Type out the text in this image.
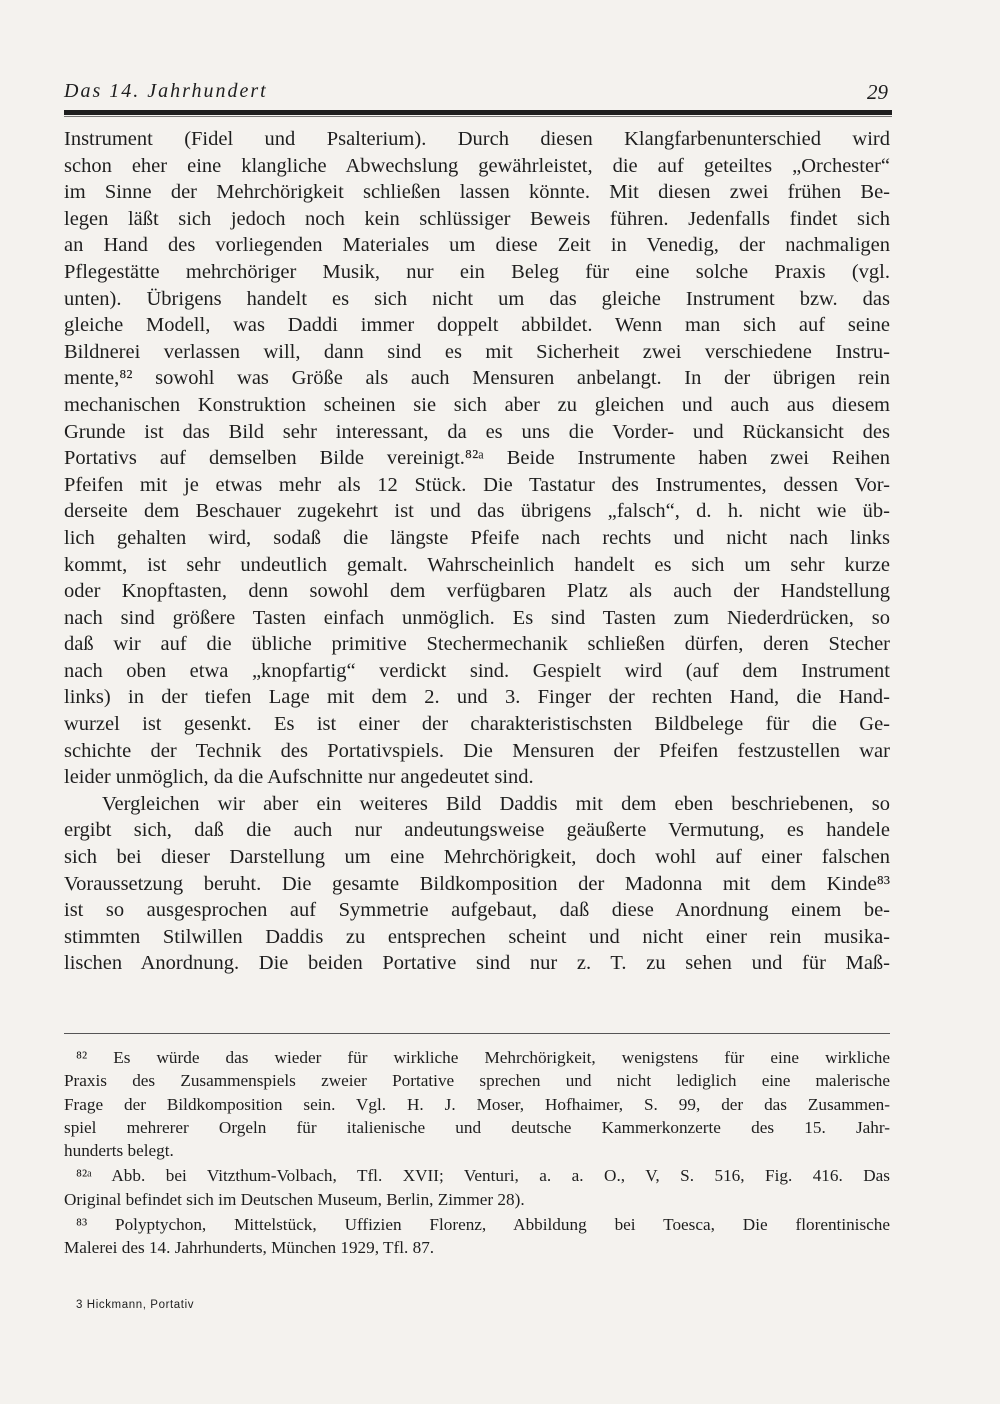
Das 14. Jahrhundert	29
Instrument (Fidel und Psalterium). Durch diesen Klangfarbenunterschied wird
schon eher eine klangliche Abwechslung gewährleistet, die auf geteiltes „Orchester“
im Sinne der Mehrchörigkeit schließen lassen könnte. Mit diesen zwei frühen Be-
legen läßt sich jedoch noch kein schlüssiger Beweis führen. Jedenfalls findet sich
an Hand des vorliegenden Materiales um diese Zeit in Venedig, der nachmaligen
Pflegestätte mehrchöriger Musik, nur ein Beleg für eine solche Praxis (vgl.
unten). Übrigens handelt es sich nicht um das gleiche Instrument bzw. das
gleiche Modell, was Daddi immer doppelt abbildet. Wenn man sich auf seine
Bildnerei verlassen will, dann sind es mit Sicherheit zwei verschiedene Instru-
mente,⁸² sowohl was Größe als auch Mensuren anbelangt. In der übrigen rein
mechanischen Konstruktion scheinen sie sich aber zu gleichen und auch aus diesem
Grunde ist das Bild sehr interessant, da es uns die Vorder- und Rückansicht des
Portativs auf demselben Bilde vereinigt.⁸²ᵃ Beide Instrumente haben zwei Reihen
Pfeifen mit je etwas mehr als 12 Stück. Die Tastatur des Instrumentes, dessen Vor-
derseite dem Beschauer zugekehrt ist und das übrigens „falsch“, d. h. nicht wie üb-
lich gehalten wird, sodaß die längste Pfeife nach rechts und nicht nach links
kommt, ist sehr undeutlich gemalt. Wahrscheinlich handelt es sich um sehr kurze
oder Knopftasten, denn sowohl dem verfügbaren Platz als auch der Handstellung
nach sind größere Tasten einfach unmöglich. Es sind Tasten zum Niederdrücken, so
daß wir auf die übliche primitive Stechermechanik schließen dürfen, deren Stecher
nach oben etwa „knopfartig“ verdickt sind. Gespielt wird (auf dem Instrument
links) in der tiefen Lage mit dem 2. und 3. Finger der rechten Hand, die Hand-
wurzel ist gesenkt. Es ist einer der charakteristischsten Bildbelege für die Ge-
schichte der Technik des Portativspiels. Die Mensuren der Pfeifen festzustellen war
leider unmöglich, da die Aufschnitte nur angedeutet sind.
Vergleichen wir aber ein weiteres Bild Daddis mit dem eben beschriebenen, so
ergibt sich, daß die auch nur andeutungsweise geäußerte Vermutung, es handele
sich bei dieser Darstellung um eine Mehrchörigkeit, doch wohl auf einer falschen
Voraussetzung beruht. Die gesamte Bildkomposition der Madonna mit dem Kinde⁸³
ist so ausgesprochen auf Symmetrie aufgebaut, daß diese Anordnung einem be-
stimmten Stilwillen Daddis zu entsprechen scheint und nicht einer rein musika-
lischen Anordnung. Die beiden Portative sind nur z. T. zu sehen und für Maß-
⁸² Es würde das wieder für wirkliche Mehrchörigkeit, wenigstens für eine wirkliche
Praxis des Zusammenspiels zweier Portative sprechen und nicht lediglich eine malerische
Frage der Bildkomposition sein. Vgl. H. J. Moser, Hofhaimer, S. 99, der das Zusammen-
spiel mehrerer Orgeln für italienische und deutsche Kammerkonzerte des 15. Jahr-
hunderts belegt.
⁸²ᵃ Abb. bei Vitzthum-Volbach, Tfl. XVII; Venturi, a. a. O., V, S. 516, Fig. 416. Das
Original befindet sich im Deutschen Museum, Berlin, Zimmer 28).
⁸³ Polyptychon, Mittelstück, Uffizien Florenz, Abbildung bei Toesca, Die florentinische
Malerei des 14. Jahrhunderts, München 1929, Tfl. 87.
3 Hickmann, Portativ
